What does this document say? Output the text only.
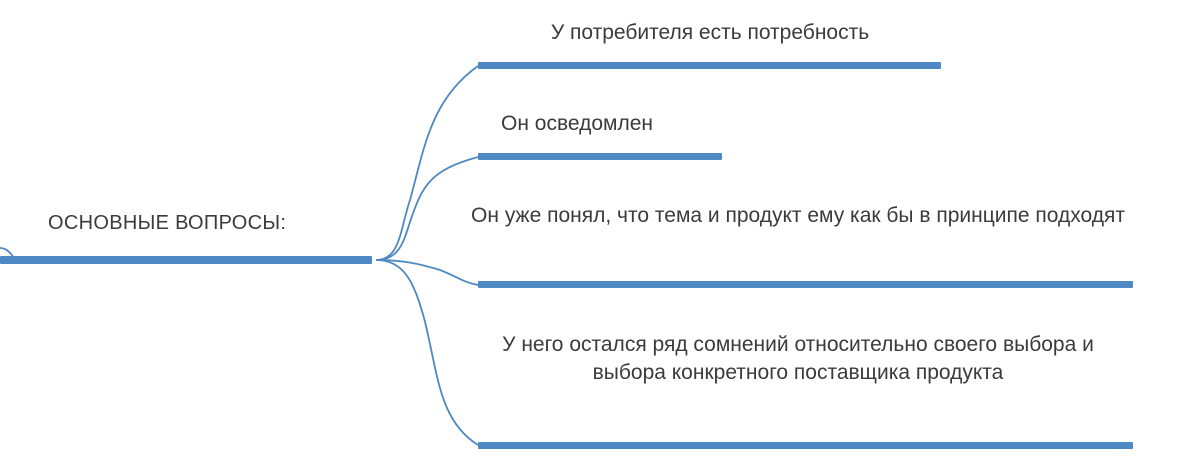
ОСНОВНЫЕ ВОПРОСЫ:
У потребителя есть потребность
Он осведомлен
Он уже понял, что тема и продукт ему как бы в принципе подходят
У него остался ряд сомнений относительно своего выбора и выбора конкретного поставщика продукта
